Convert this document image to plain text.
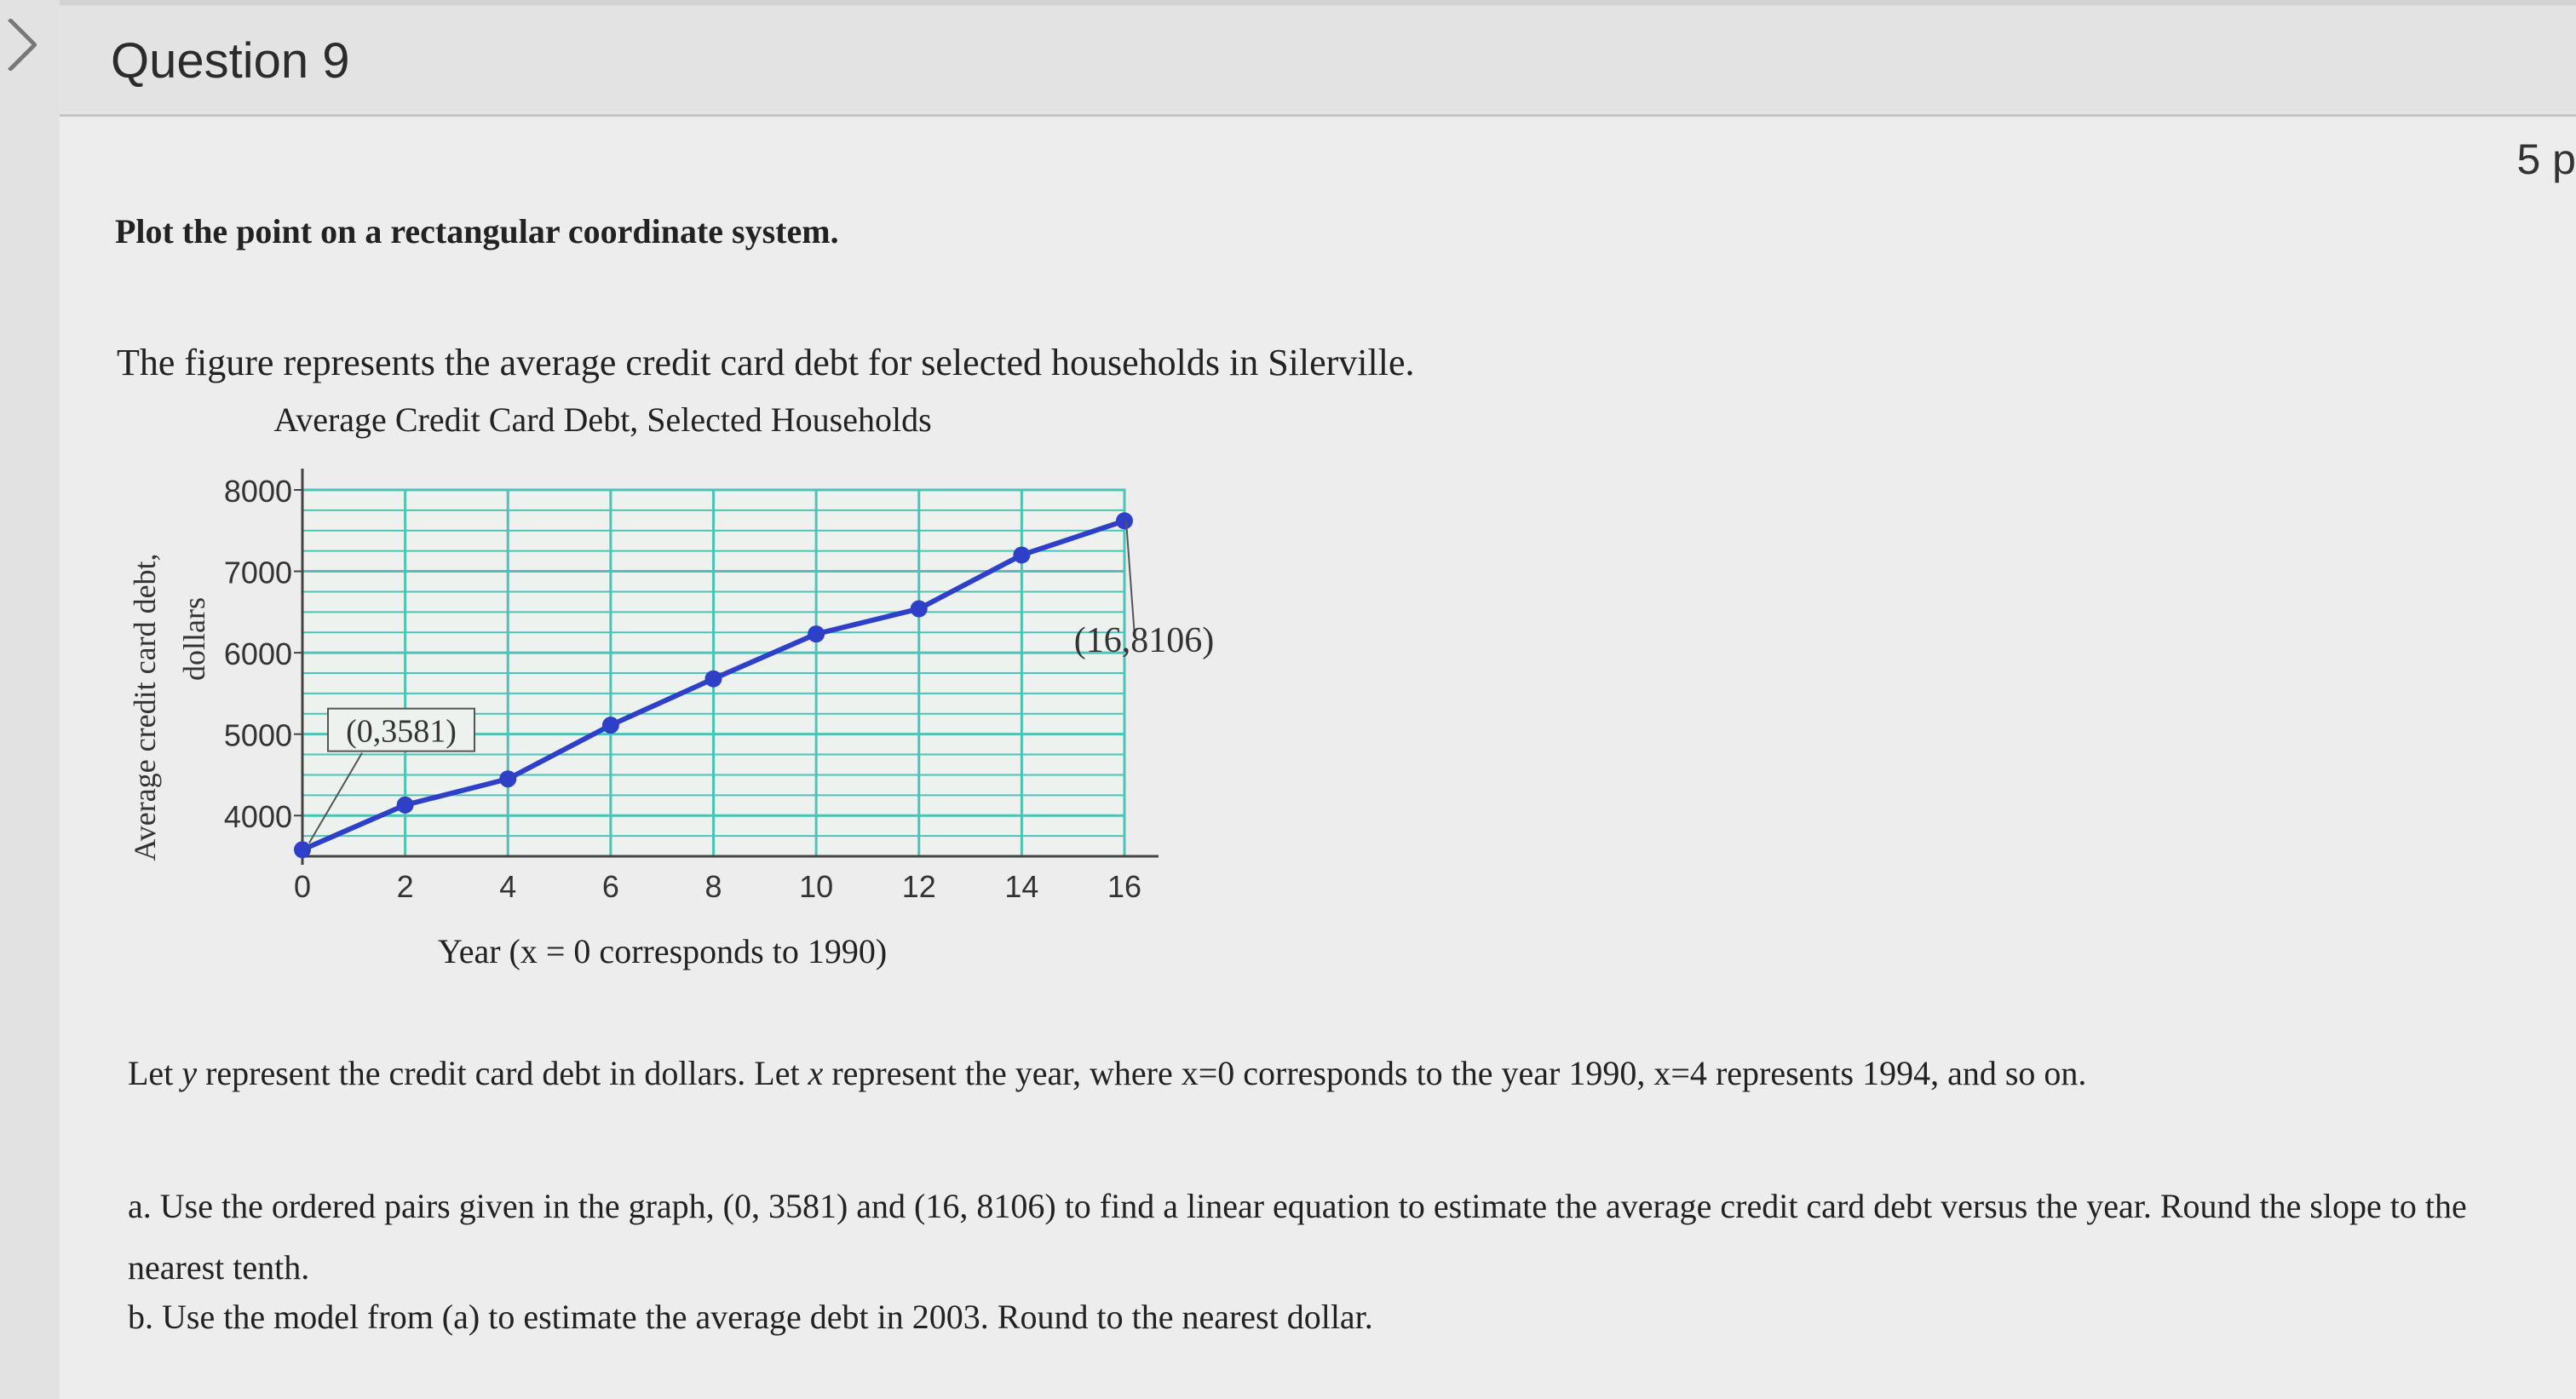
Question 9
5 p
Plot the point on a rectangular coordinate system.
The figure represents the average credit card debt for selected households in Silerville.
Average Credit Card Debt, Selected Households
4000
5000
6000
7000
8000
0	2	4	6	8	10 12 14 16
Year (x = 0 corresponds to 1990)
Average credit card debt, dollars
(0,3581)
(16,8106)
Let y represent the credit card debt in dollars. Let x represent the year, where x=0 corresponds to the year 1990, x=4 represents 1994, and so on.
a. Use the ordered pairs given in the graph, (0, 3581) and (16, 8106) to find a linear equation to estimate the average credit card debt versus the year. Round the slope to the nearest tenth.
b. Use the model from (a) to estimate the average debt in 2003. Round to the nearest dollar.
